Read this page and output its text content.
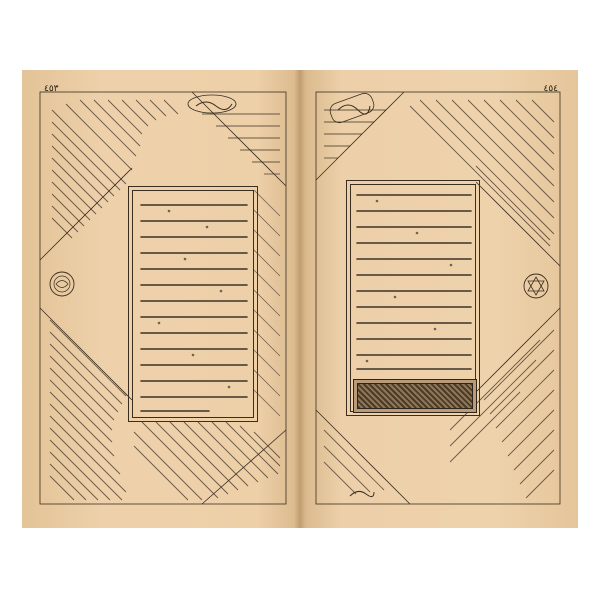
٤٥٣	٤٥٤
